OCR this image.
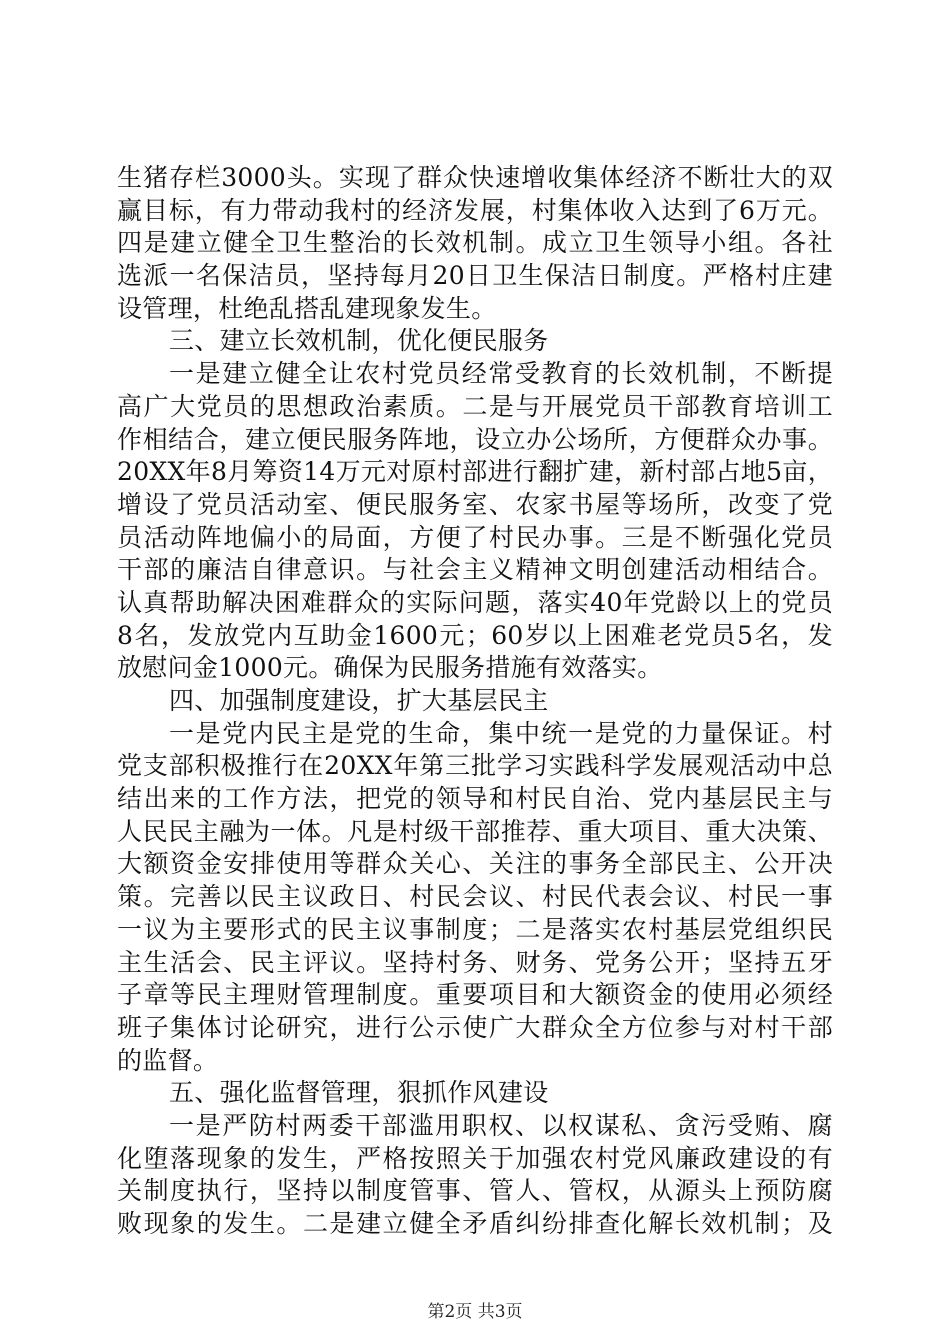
生猪存栏3000头。实现了群众快速增收集体经济不断壮大的双
赢目标，有力带动我村的经济发展，村集体收入达到了6万元。
四是建立健全卫生整治的长效机制。成立卫生领导小组。各社
选派一名保洁员，坚持每月20日卫生保洁日制度。严格村庄建
设管理，杜绝乱搭乱建现象发生。
三、建立长效机制，优化便民服务
一是建立健全让农村党员经常受教育的长效机制，不断提
高广大党员的思想政治素质。二是与开展党员干部教育培训工
作相结合，建立便民服务阵地，设立办公场所，方便群众办事。
20XX年8月筹资14万元对原村部进行翻扩建，新村部占地5亩，
增设了党员活动室、便民服务室、农家书屋等场所，改变了党
员活动阵地偏小的局面，方便了村民办事。三是不断强化党员
干部的廉洁自律意识。与社会主义精神文明创建活动相结合。
认真帮助解决困难群众的实际问题，落实40年党龄以上的党员
8名，发放党内互助金1600元；60岁以上困难老党员5名，发
放慰问金1000元。确保为民服务措施有效落实。
四、加强制度建设，扩大基层民主
一是党内民主是党的生命，集中统一是党的力量保证。村
党支部积极推行在20XX年第三批学习实践科学发展观活动中总
结出来的工作方法，把党的领导和村民自治、党内基层民主与
人民民主融为一体。凡是村级干部推荐、重大项目、重大决策、
大额资金安排使用等群众关心、关注的事务全部民主、公开决
策。完善以民主议政日、村民会议、村民代表会议、村民一事
一议为主要形式的民主议事制度；二是落实农村基层党组织民
主生活会、民主评议。坚持村务、财务、党务公开；坚持五牙
子章等民主理财管理制度。重要项目和大额资金的使用必须经
班子集体讨论研究，进行公示使广大群众全方位参与对村干部
的监督。
五、强化监督管理，狠抓作风建设
一是严防村两委干部滥用职权、以权谋私、贪污受贿、腐
化堕落现象的发生，严格按照关于加强农村党风廉政建设的有
关制度执行，坚持以制度管事、管人、管权，从源头上预防腐
败现象的发生。二是建立健全矛盾纠纷排查化解长效机制；及
第2页 共3页
